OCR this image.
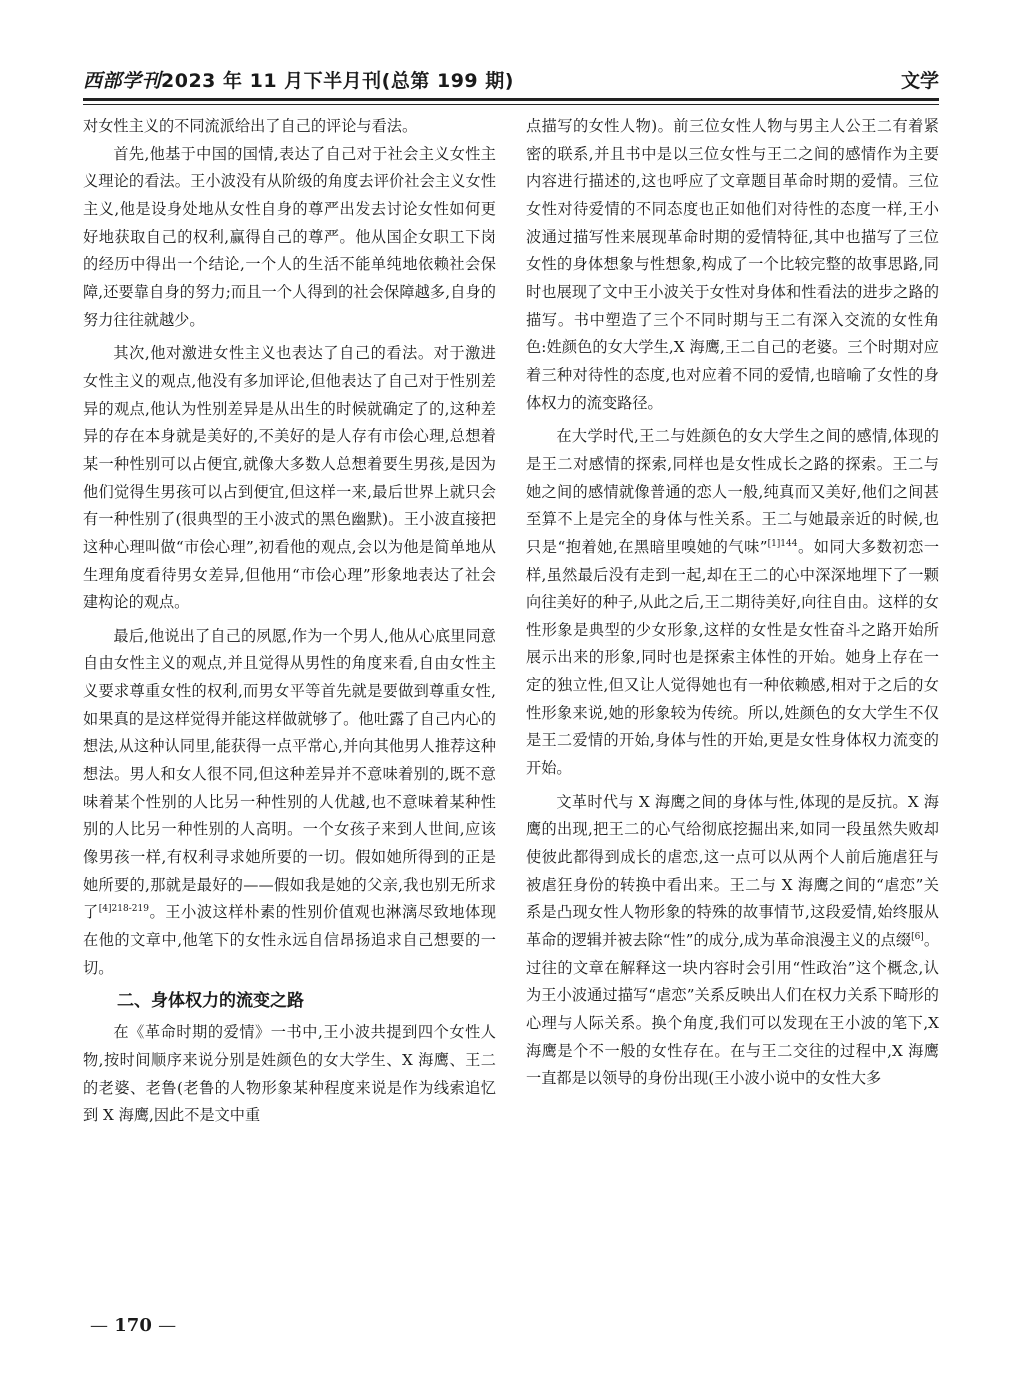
西部学刊2023 年 11 月下半月刊(总第 199 期)	文学

对女性主义的不同流派给出了自己的评论与看法。

首先,他基于中国的国情,表达了自己对于社会主义女性主义理论的看法。王小波没有从阶级的角度去评价社会主义女性主义,他是设身处地从女性自身的尊严出发去讨论女性如何更好地获取自己的权利,赢得自己的尊严。他从国企女职工下岗的经历中得出一个结论,一个人的生活不能单纯地依赖社会保障,还要靠自身的努力;而且一个人得到的社会保障越多,自身的努力往往就越少。

其次,他对激进女性主义也表达了自己的看法。对于激进女性主义的观点,他没有多加评论,但他表达了自己对于性别差异的观点,他认为性别差异是从出生的时候就确定了的,这种差异的存在本身就是美好的,不美好的是人存有市侩心理,总想着某一种性别可以占便宜,就像大多数人总想着要生男孩,是因为他们觉得生男孩可以占到便宜,但这样一来,最后世界上就只会有一种性别了(很典型的王小波式的黑色幽默)。王小波直接把这种心理叫做“市侩心理”,初看他的观点,会以为他是简单地从生理角度看待男女差异,但他用“市侩心理”形象地表达了社会建构论的观点。

最后,他说出了自己的夙愿,作为一个男人,他从心底里同意自由女性主义的观点,并且觉得从男性的角度来看,自由女性主义要求尊重女性的权利,而男女平等首先就是要做到尊重女性,如果真的是这样觉得并能这样做就够了。他吐露了自己内心的想法,从这种认同里,能获得一点平常心,并向其他男人推荐这种想法。男人和女人很不同,但这种差异并不意味着别的,既不意味着某个性别的人比另一种性别的人优越,也不意味着某种性别的人比另一种性别的人高明。一个女孩子来到人世间,应该像男孩一样,有权利寻求她所要的一切。假如她所得到的正是她所要的,那就是最好的——假如我是她的父亲,我也别无所求了$^{[4]218-219}$。王小波这样朴素的性别价值观也淋漓尽致地体现在他的文章中,他笔下的女性永远自信昂扬追求自己想要的一切。

二、身体权力的流变之路

在《革命时期的爱情》一书中,王小波共提到四个女性人物,按时间顺序来说分别是姓颜色的女大学生、X 海鹰、王二的老婆、老鲁(老鲁的人物形象某种程度来说是作为线索追忆到 X 海鹰,因此不是文中重

点描写的女性人物)。前三位女性人物与男主人公王二有着紧密的联系,并且书中是以三位女性与王二之间的感情作为主要内容进行描述的,这也呼应了文章题目革命时期的爱情。三位女性对待爱情的不同态度也正如他们对待性的态度一样,王小波通过描写性来展现革命时期的爱情特征,其中也描写了三位女性的身体想象与性想象,构成了一个比较完整的故事思路,同时也展现了文中王小波关于女性对身体和性看法的进步之路的描写。书中塑造了三个不同时期与王二有深入交流的女性角色:姓颜色的女大学生,X 海鹰,王二自己的老婆。三个时期对应着三种对待性的态度,也对应着不同的爱情,也暗喻了女性的身体权力的流变路径。

在大学时代,王二与姓颜色的女大学生之间的感情,体现的是王二对感情的探索,同样也是女性成长之路的探索。王二与她之间的感情就像普通的恋人一般,纯真而又美好,他们之间甚至算不上是完全的身体与性关系。王二与她最亲近的时候,也只是“抱着她,在黑暗里嗅她的气味”$^{[1]144}$。如同大多数初恋一样,虽然最后没有走到一起,却在王二的心中深深地埋下了一颗向往美好的种子,从此之后,王二期待美好,向往自由。这样的女性形象是典型的少女形象,这样的女性是女性奋斗之路开始所展示出来的形象,同时也是探索主体性的开始。她身上存在一定的独立性,但又让人觉得她也有一种依赖感,相对于之后的女性形象来说,她的形象较为传统。所以,姓颜色的女大学生不仅是王二爱情的开始,身体与性的开始,更是女性身体权力流变的开始。

文革时代与 X 海鹰之间的身体与性,体现的是反抗。X 海鹰的出现,把王二的心气给彻底挖掘出来,如同一段虽然失败却使彼此都得到成长的虐恋,这一点可以从两个人前后施虐狂与被虐狂身份的转换中看出来。王二与 X 海鹰之间的“虐恋”关系是凸现女性人物形象的特殊的故事情节,这段爱情,始终服从革命的逻辑并被去除“性”的成分,成为革命浪漫主义的点缀[6]。过往的文章在解释这一块内容时会引用“性政治”这个概念,认为王小波通过描写“虐恋”关系反映出人们在权力关系下畸形的心理与人际关系。换个角度,我们可以发现在王小波的笔下,X 海鹰是个不一般的女性存在。在与王二交往的过程中,X 海鹰一直都是以领导的身份出现(王小波小说中的女性大多

— 170 —
